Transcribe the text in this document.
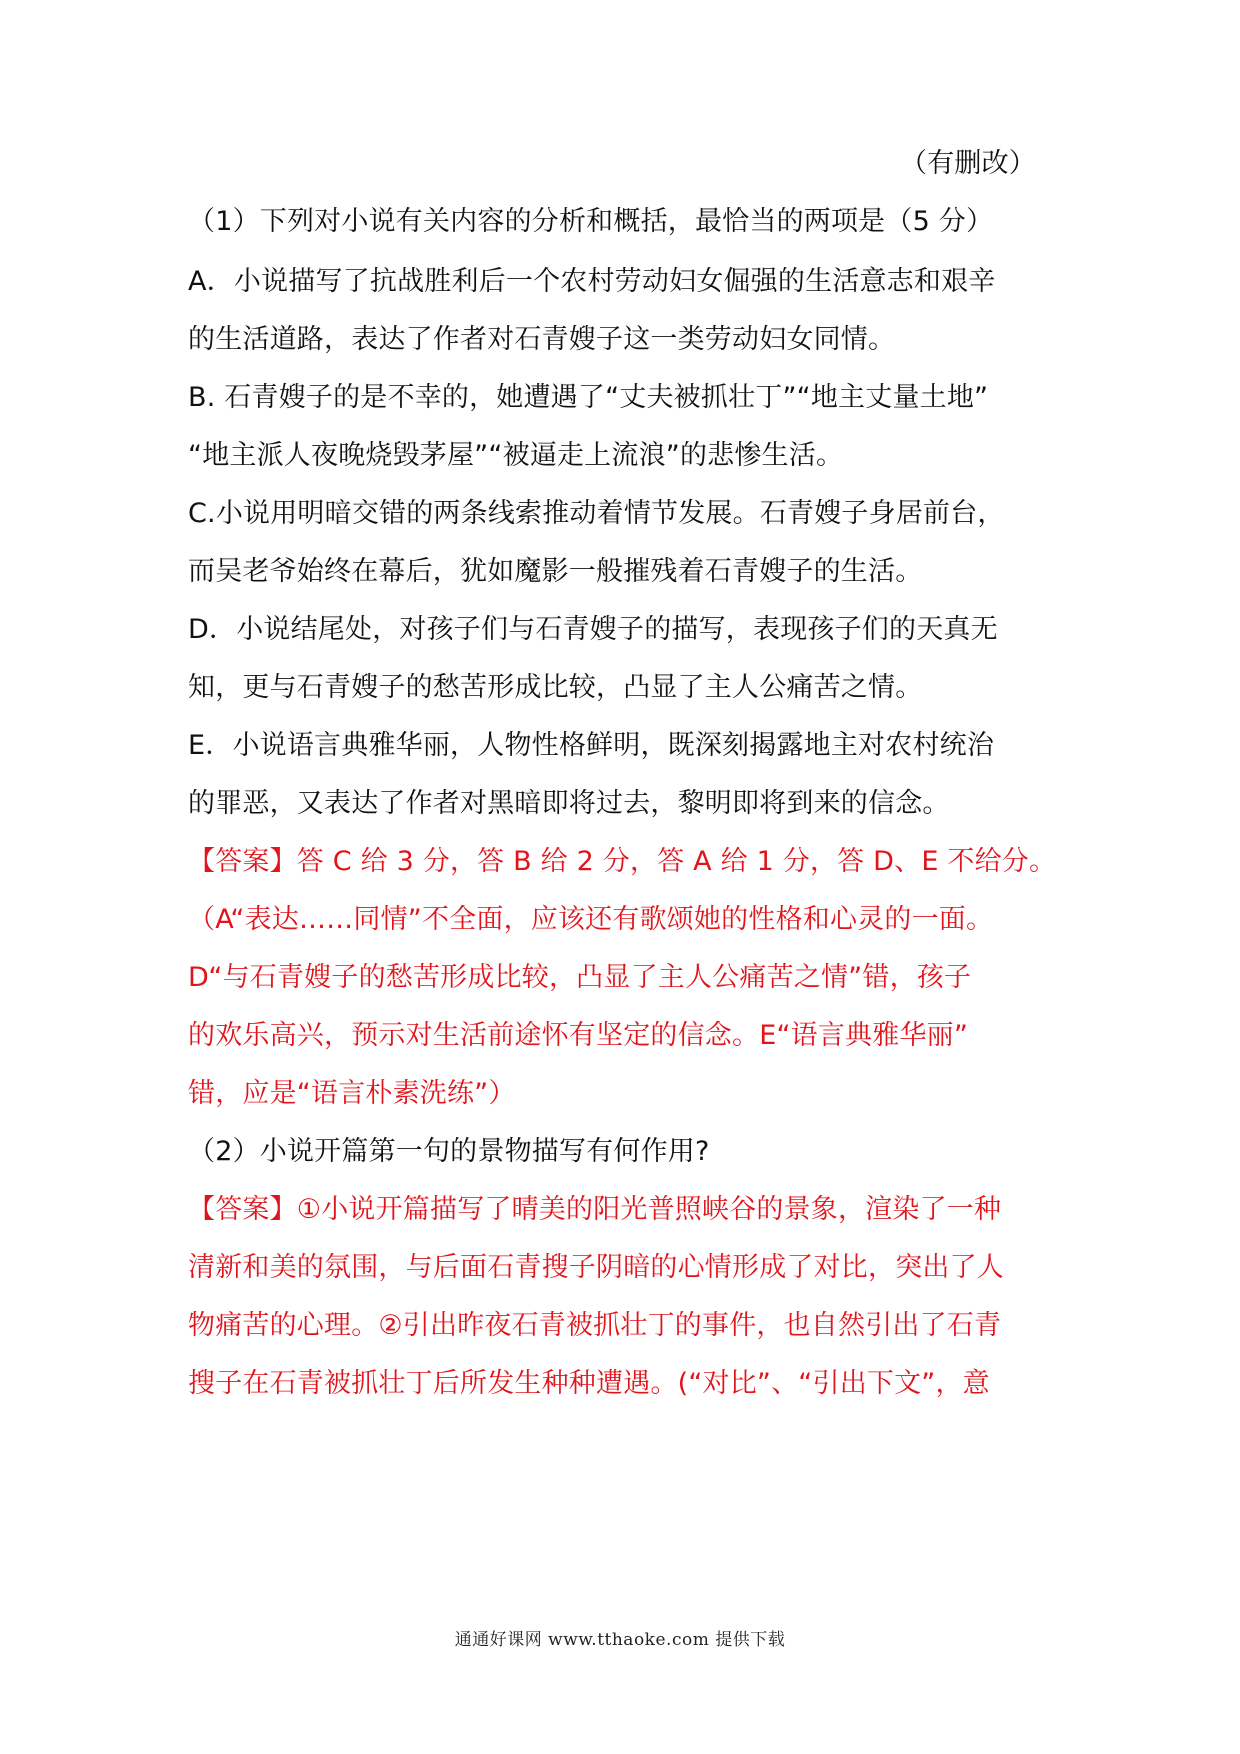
（有删改）
（1）下列对小说有关内容的分析和概括，最恰当的两项是（5 分）
A．小说描写了抗战胜利后一个农村劳动妇女倔强的生活意志和艰辛
的生活道路，表达了作者对石青嫂子这一类劳动妇女同情。
B. 石青嫂子的是不幸的，她遭遇了“丈夫被抓壮丁”“地主丈量土地”
“地主派人夜晚烧毁茅屋”“被逼走上流浪”的悲惨生活。
C.小说用明暗交错的两条线索推动着情节发展。石青嫂子身居前台，
而吴老爷始终在幕后，犹如魔影一般摧残着石青嫂子的生活。
D．小说结尾处，对孩子们与石青嫂子的描写，表现孩子们的天真无
知，更与石青嫂子的愁苦形成比较，凸显了主人公痛苦之情。
E．小说语言典雅华丽，人物性格鲜明，既深刻揭露地主对农村统治
的罪恶，又表达了作者对黑暗即将过去，黎明即将到来的信念。
【答案】答 C 给 3 分，答 B 给 2 分，答 A 给 1 分，答 D、E 不给分。
（A“表达……同情”不全面，应该还有歌颂她的性格和心灵的一面。
D“与石青嫂子的愁苦形成比较，凸显了主人公痛苦之情”错，孩子
的欢乐高兴，预示对生活前途怀有坚定的信念。E“语言典雅华丽”
错，应是“语言朴素洗练”）
（2）小说开篇第一句的景物描写有何作用?
【答案】①小说开篇描写了晴美的阳光普照峡谷的景象，渲染了一种
清新和美的氛围，与后面石青搜子阴暗的心情形成了对比，突出了人
物痛苦的心理。②引出昨夜石青被抓壮丁的事件，也自然引出了石青
搜子在石青被抓壮丁后所发生种种遭遇。(“对比”、“引出下文”，意
通通好课网 www.tthaoke.com 提供下载
